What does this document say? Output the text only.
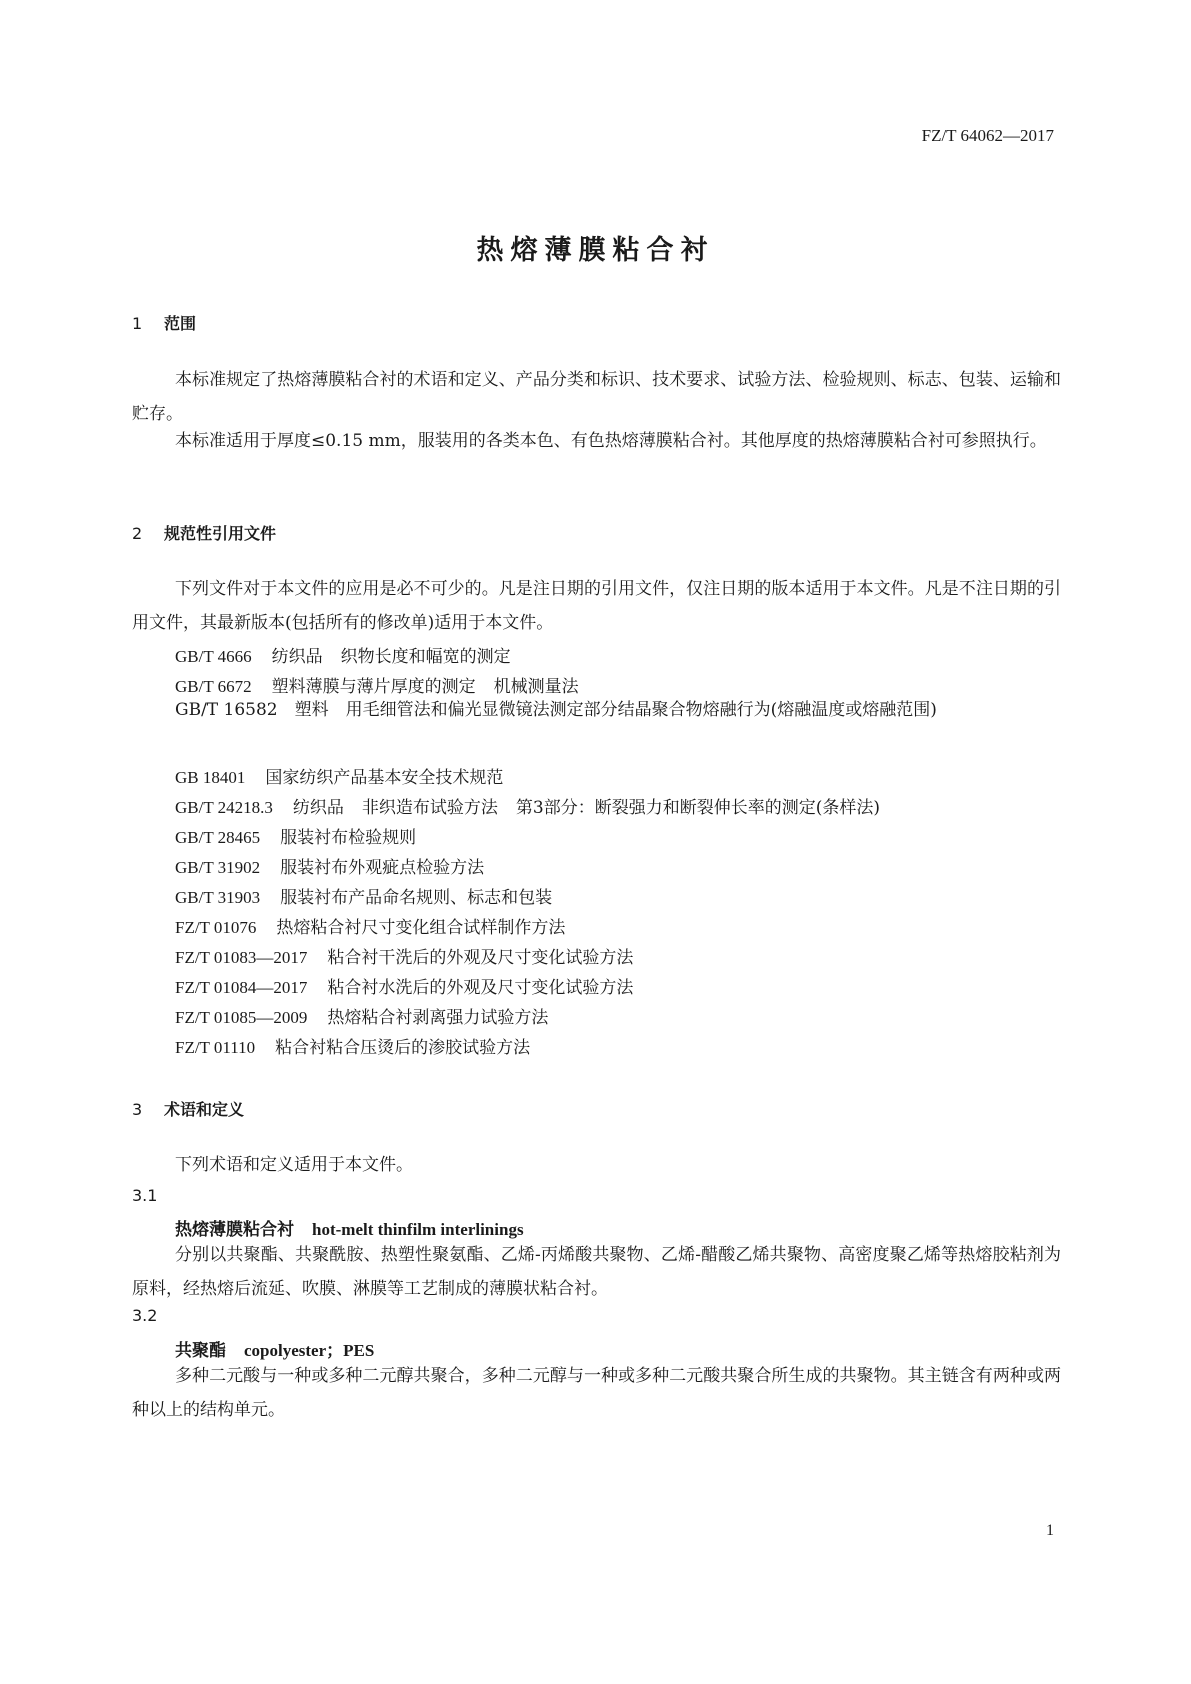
FZ/T 64062—2017
热熔薄膜粘合衬
1 范围
本标准规定了热熔薄膜粘合衬的术语和定义、产品分类和标识、技术要求、试验方法、检验规则、标志、包装、运输和贮存。
本标准适用于厚度≤0.15 mm，服装用的各类本色、有色热熔薄膜粘合衬。其他厚度的热熔薄膜粘合衬可参照执行。
2 规范性引用文件
下列文件对于本文件的应用是必不可少的。凡是注日期的引用文件，仅注日期的版本适用于本文件。凡是不注日期的引用文件，其最新版本(包括所有的修改单)适用于本文件。
GB/T 4666 纺织品 织物长度和幅宽的测定
GB/T 6672 塑料薄膜与薄片厚度的测定 机械测量法
GB/T 16582　塑料　用毛细管法和偏光显微镜法测定部分结晶聚合物熔融行为(熔融温度或熔融范围)
GB 18401 国家纺织产品基本安全技术规范
GB/T 24218.3 纺织品 非织造布试验方法 第3部分：断裂强力和断裂伸长率的测定(条样法)
GB/T 28465 服装衬布检验规则
GB/T 31902 服装衬布外观疵点检验方法
GB/T 31903 服装衬布产品命名规则、标志和包装
FZ/T 01076 热熔粘合衬尺寸变化组合试样制作方法
FZ/T 01083—2017 粘合衬干洗后的外观及尺寸变化试验方法
FZ/T 01084—2017 粘合衬水洗后的外观及尺寸变化试验方法
FZ/T 01085—2009 热熔粘合衬剥离强力试验方法
FZ/T 01110 粘合衬粘合压烫后的渗胶试验方法
3 术语和定义
下列术语和定义适用于本文件。
3.1
热熔薄膜粘合衬 hot-melt thinfilm interlinings
分别以共聚酯、共聚酰胺、热塑性聚氨酯、乙烯-丙烯酸共聚物、乙烯-醋酸乙烯共聚物、高密度聚乙烯等热熔胶粘剂为原料，经热熔后流延、吹膜、淋膜等工艺制成的薄膜状粘合衬。
3.2
共聚酯 copolyester；PES
多种二元酸与一种或多种二元醇共聚合，多种二元醇与一种或多种二元酸共聚合所生成的共聚物。其主链含有两种或两种以上的结构单元。
1
